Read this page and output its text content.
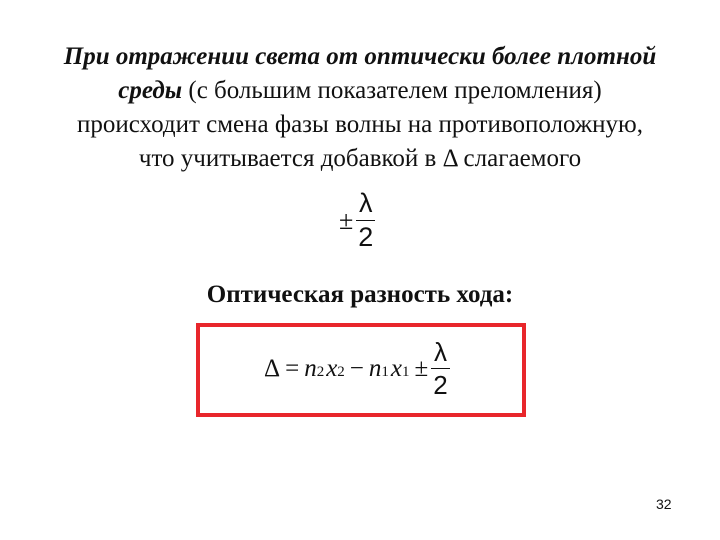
При отражении света от оптически более плотной
среды (с большим показателем преломления)
происходит смена фазы волны на противоположную,
что учитывается добавкой в Δ слагаемого
± $\frac{\lambda}{2}$
Оптическая разность хода:
$\Delta = n_2$ $x_2 - n_1$ $x_1 \pm \frac{\lambda}{2}$
32
